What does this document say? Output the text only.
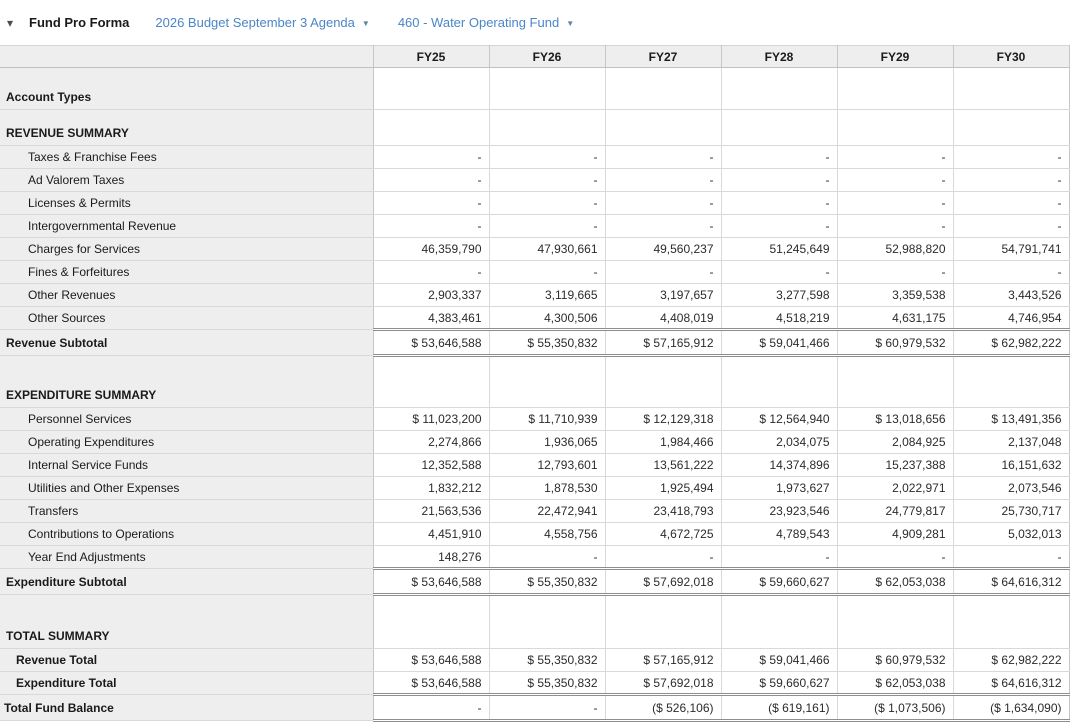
▾	Fund Pro Forma 2026 Budget September 3 Agenda ▼ 460 - Water Operating Fund ▼
	FY25	FY26	FY27	FY28	FY29	FY30
Account Types						
REVENUE SUMMARY						
Taxes & Franchise Fees	-	-	-	-	-	-
Ad Valorem Taxes	-	-	-	-	-	-
Licenses & Permits	-	-	-	-	-	-
Intergovernmental Revenue	-	-	-	-	-	-
Charges for Services	46,359,790	47,930,661	49,560,237	51,245,649	52,988,820	54,791,741
Fines & Forfeitures	-	-	-	-	-	-
Other Revenues	2,903,337	3,119,665	3,197,657	3,277,598	3,359,538	3,443,526
Other Sources	4,383,461	4,300,506	4,408,019	4,518,219	4,631,175	4,746,954
Revenue Subtotal	$ 53,646,588	$ 55,350,832	$ 57,165,912	$ 59,041,466	$ 60,979,532	$ 62,982,222
EXPENDITURE SUMMARY						
Personnel Services	$ 11,023,200	$ 11,710,939	$ 12,129,318	$ 12,564,940	$ 13,018,656	$ 13,491,356
Operating Expenditures	2,274,866	1,936,065	1,984,466	2,034,075	2,084,925	2,137,048
Internal Service Funds	12,352,588	12,793,601	13,561,222	14,374,896	15,237,388	16,151,632
Utilities and Other Expenses	1,832,212	1,878,530	1,925,494	1,973,627	2,022,971	2,073,546
Transfers	21,563,536	22,472,941	23,418,793	23,923,546	24,779,817	25,730,717
Contributions to Operations	4,451,910	4,558,756	4,672,725	4,789,543	4,909,281	5,032,013
Year End Adjustments	148,276	-	-	-	-	-
Expenditure Subtotal	$ 53,646,588	$ 55,350,832	$ 57,692,018	$ 59,660,627	$ 62,053,038	$ 64,616,312
TOTAL SUMMARY						
Revenue Total	$ 53,646,588	$ 55,350,832	$ 57,165,912	$ 59,041,466	$ 60,979,532	$ 62,982,222
Expenditure Total	$ 53,646,588	$ 55,350,832	$ 57,692,018	$ 59,660,627	$ 62,053,038	$ 64,616,312
Total Fund Balance	-	-	($ 526,106)	($ 619,161)	($ 1,073,506)	($ 1,634,090)
